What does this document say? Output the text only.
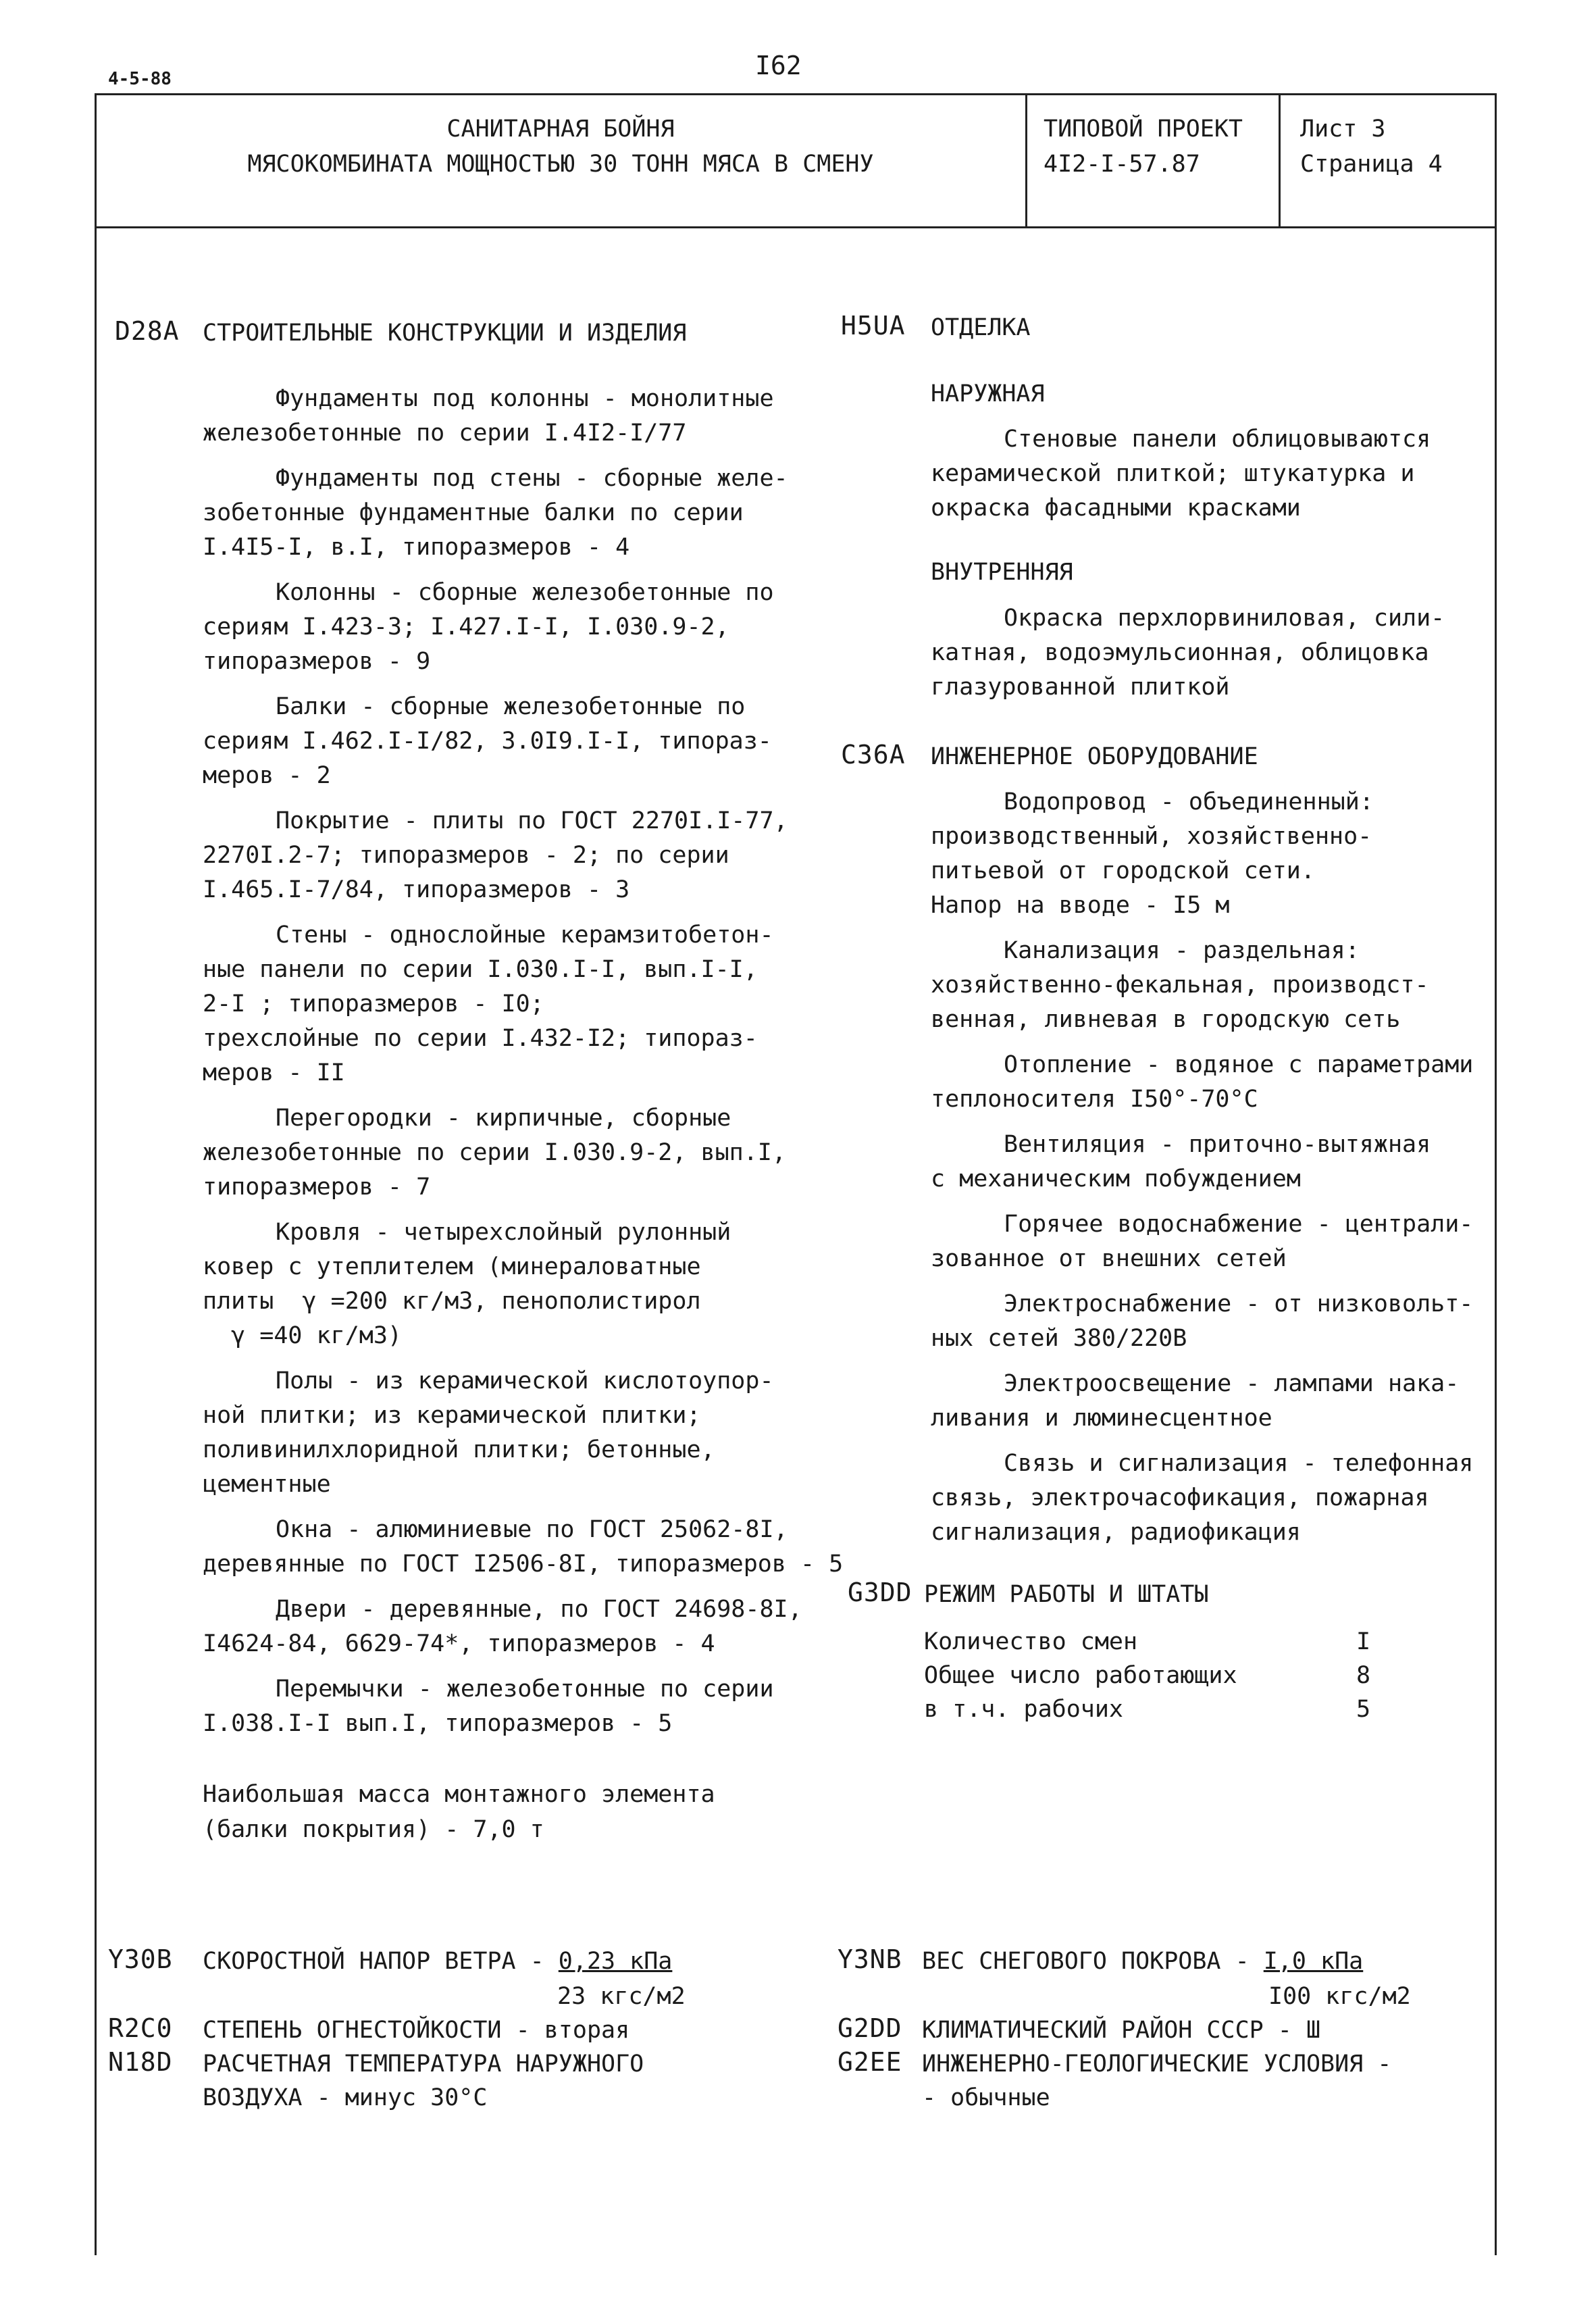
4-5-88	I62
САНИТАРНАЯ БОЙНЯ
МЯСОКОМБИНАТА МОЩНОСТЬЮ 30 ТОНН МЯСА В СМЕНУ
ТИПОВОЙ ПРОЕКТ
4I2-I-57.87
Лист 3
Страница 4
D28A СТРОИТЕЛЬНЫЕ КОНСТРУКЦИИ И ИЗДЕЛИЯ
Фундаменты под колонны - монолитные
железобетонные по серии I.4I2-I/77
Фундаменты под стены - сборные желе-
зобетонные фундаментные балки по серии
I.4I5-I, в.I, типоразмеров - 4
Колонны - сборные железобетонные по
сериям I.423-3; I.427.I-I, I.030.9-2,
типоразмеров - 9
Балки - сборные железобетонные по
сериям I.462.I-I/82, 3.0I9.I-I, типораз-
меров - 2
Покрытие - плиты по ГОСТ 2270I.I-77,
2270I.2-7; типоразмеров - 2; по серии
I.465.I-7/84, типоразмеров - 3
Стены - однослойные керамзитобетон-
ные панели по серии I.030.I-I, вып.I-I,
2-I ; типоразмеров - I0;
трехслойные по серии I.432-I2; типораз-
меров - II
Перегородки - кирпичные, сборные
железобетонные по серии I.030.9-2, вып.I,
типоразмеров - 7
Кровля - четырехслойный рулонный
ковер с утеплителем (минераловатные
плиты  γ =200 кг/м3, пенополистирол
γ =40 кг/м3)
Полы - из керамической кислотоупор-
ной плитки; из керамической плитки;
поливинилхлоридной плитки; бетонные,
цементные
Окна - алюминиевые по ГОСТ 25062-8I,
деревянные по ГОСТ I2506-8I, типоразмеров - 5
Двери - деревянные, по ГОСТ 24698-8I,
I4624-84, 6629-74*, типоразмеров - 4
Перемычки - железобетонные по серии
I.038.I-I вып.I, типоразмеров - 5
Наибольшая масса монтажного элемента
(балки покрытия) - 7,0 т
H5UA ОТДЕЛКА
НАРУЖНАЯ
Стеновые панели облицовываются
керамической плиткой; штукатурка и
окраска фасадными красками
ВНУТРЕННЯЯ
Окраска перхлорвиниловая, сили-
катная, водоэмульсионная, облицовка
глазурованной плиткой
C36A ИНЖЕНЕРНОЕ ОБОРУДОВАНИЕ
Водопровод - объединенный:
производственный, хозяйственно-
питьевой от городской сети.
Напор на вводе - I5 м
Канализация - раздельная:
хозяйственно-фекальная, производст-
венная, ливневая в городскую сеть
Отопление - водяное с параметрами
теплоносителя I50°-70°С
Вентиляция - приточно-вытяжная
с механическим побуждением
Горячее водоснабжение - централи-
зованное от внешних сетей
Электроснабжение - от низковольт-
ных сетей 380/220В
Электроосвещение - лампами нака-
ливания и люминесцентное
Связь и сигнализация - телефонная
связь, электрочасофикация, пожарная
сигнализация, радиофикация
G3DD РЕЖИМ РАБОТЫ И ШТАТЫ
Количество смен	I
Общее число работающих	8
в т.ч. рабочих	5
Y30B СКОРОСТНОЙ НАПОР ВЕТРА - 0,23 кПа
23 кгс/м2
R2C0 СТЕПЕНЬ ОГНЕСТОЙКОСТИ - вторая
N18D РАСЧЕТНАЯ ТЕМПЕРАТУРА НАРУЖНОГО
ВОЗДУХА - минус 30°С
Y3NB ВЕС СНЕГОВОГО ПОКРОВА - I,0 кПа
I00 кгс/м2
G2DD КЛИМАТИЧЕСКИЙ РАЙОН СССР - Ш
G2EE ИНЖЕНЕРНО-ГЕОЛОГИЧЕСКИЕ УСЛОВИЯ -
- обычные
